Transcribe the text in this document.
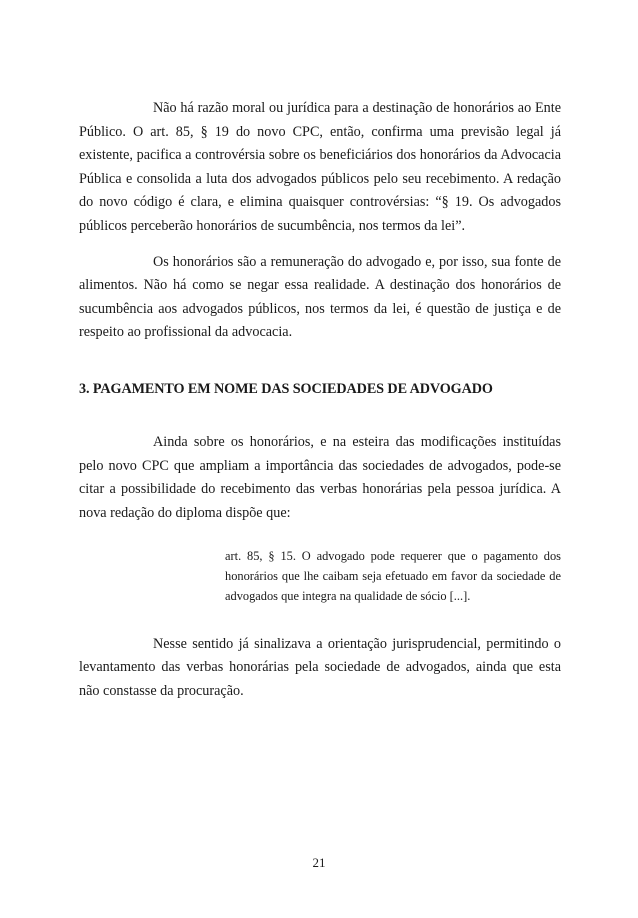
Não há razão moral ou jurídica para a destinação de honorários ao Ente Público. O art. 85, § 19 do novo CPC, então, confirma uma previsão legal já existente, pacifica a controvérsia sobre os beneficiários dos honorários da Advocacia Pública e consolida a luta dos advogados públicos pelo seu recebimento. A redação do novo código é clara, e elimina quaisquer controvérsias: “§ 19. Os advogados públicos perceberão honorários de sucumbência, nos termos da lei”.

Os honorários são a remuneração do advogado e, por isso, sua fonte de alimentos. Não há como se negar essa realidade. A destinação dos honorários de sucumbência aos advogados públicos, nos termos da lei, é questão de justiça e de respeito ao profissional da advocacia.

3. PAGAMENTO EM NOME DAS SOCIEDADES DE ADVOGADO

Ainda sobre os honorários, e na esteira das modificações instituídas pelo novo CPC que ampliam a importância das sociedades de advogados, pode-se citar a possibilidade do recebimento das verbas honorárias pela pessoa jurídica. A nova redação do diploma dispõe que:

art. 85, § 15. O advogado pode requerer que o pagamento dos honorários que lhe caibam seja efetuado em favor da sociedade de advogados que integra na qualidade de sócio [...].

Nesse sentido já sinalizava a orientação jurisprudencial, permitindo o levantamento das verbas honorárias pela sociedade de advogados, ainda que esta não constasse da procuração.

21
